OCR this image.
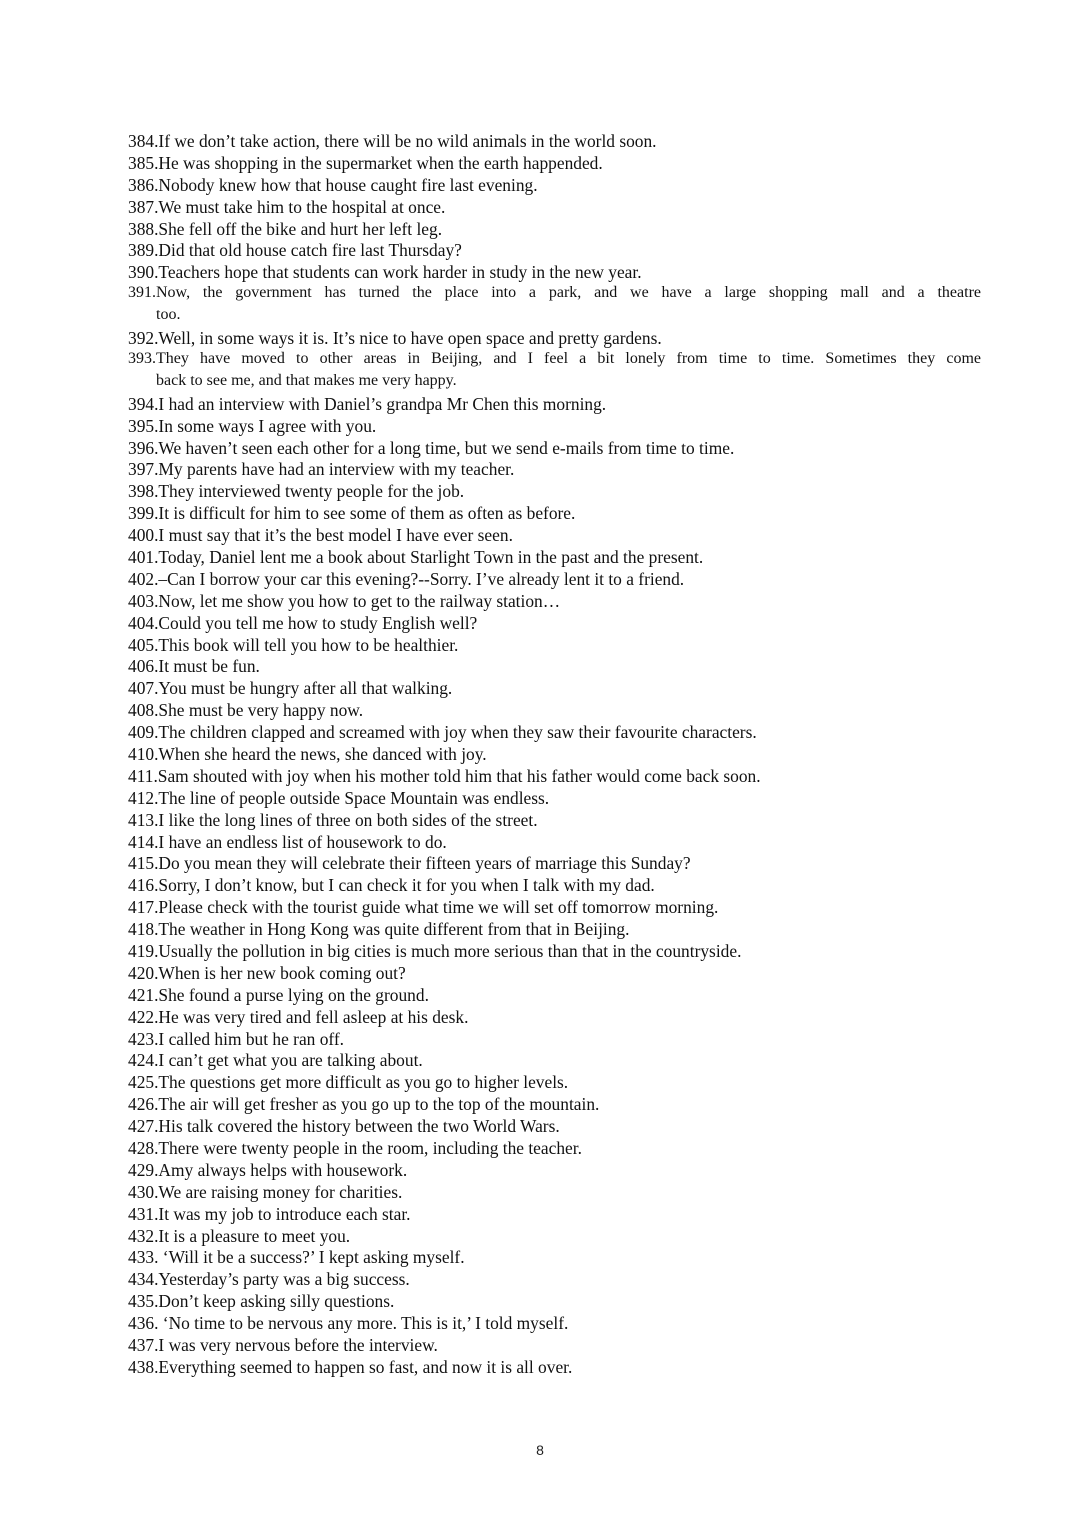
384.If we don’t take action, there will be no wild animals in the world soon.
385.He was shopping in the supermarket when the earth happended.
386.Nobody knew how that house caught fire last evening.
387.We must take him to the hospital at once.
388.She fell off the bike and hurt her left leg.
389.Did that old house catch fire last Thursday?
390.Teachers hope that students can work harder in study in the new year.
391.Now, the government has turned the place into a park, and we have a large shopping mall and a theatre
too.
392.Well, in some ways it is. It’s nice to have open space and pretty gardens.
393.They have moved to other areas in Beijing, and I feel a bit lonely from time to time. Sometimes they come
back to see me, and that makes me very happy.
394.I had an interview with Daniel’s grandpa Mr Chen this morning.
395.In some ways I agree with you.
396.We haven’t seen each other for a long time, but we send e-mails from time to time.
397.My parents have had an interview with my teacher.
398.They interviewed twenty people for the job.
399.It is difficult for him to see some of them as often as before.
400.I must say that it’s the best model I have ever seen.
401.Today, Daniel lent me a book about Starlight Town in the past and the present.
402.–Can I borrow your car this evening?--Sorry. I’ve already lent it to a friend.
403.Now, let me show you how to get to the railway station…
404.Could you tell me how to study English well?
405.This book will tell you how to be healthier.
406.It must be fun.
407.You must be hungry after all that walking.
408.She must be very happy now.
409.The children clapped and screamed with joy when they saw their favourite characters.
410.When she heard the news, she danced with joy.
411.Sam shouted with joy when his mother told him that his father would come back soon.
412.The line of people outside Space Mountain was endless.
413.I like the long lines of three on both sides of the street.
414.I have an endless list of housework to do.
415.Do you mean they will celebrate their fifteen years of marriage this Sunday?
416.Sorry, I don’t know, but I can check it for you when I talk with my dad.
417.Please check with the tourist guide what time we will set off tomorrow morning.
418.The weather in Hong Kong was quite different from that in Beijing.
419.Usually the pollution in big cities is much more serious than that in the countryside.
420.When is her new book coming out?
421.She found a purse lying on the ground.
422.He was very tired and fell asleep at his desk.
423.I called him but he ran off.
424.I can’t get what you are talking about.
425.The questions get more difficult as you go to higher levels.
426.The air will get fresher as you go up to the top of the mountain.
427.His talk covered the history between the two World Wars.
428.There were twenty people in the room, including the teacher.
429.Amy always helps with housework.
430.We are raising money for charities.
431.It was my job to introduce each star.
432.It is a pleasure to meet you.
433. ‘Will it be a success?’ I kept asking myself.
434.Yesterday’s party was a big success.
435.Don’t keep asking silly questions.
436. ‘No time to be nervous any more. This is it,’ I told myself.
437.I was very nervous before the interview.
438.Everything seemed to happen so fast, and now it is all over.
8
